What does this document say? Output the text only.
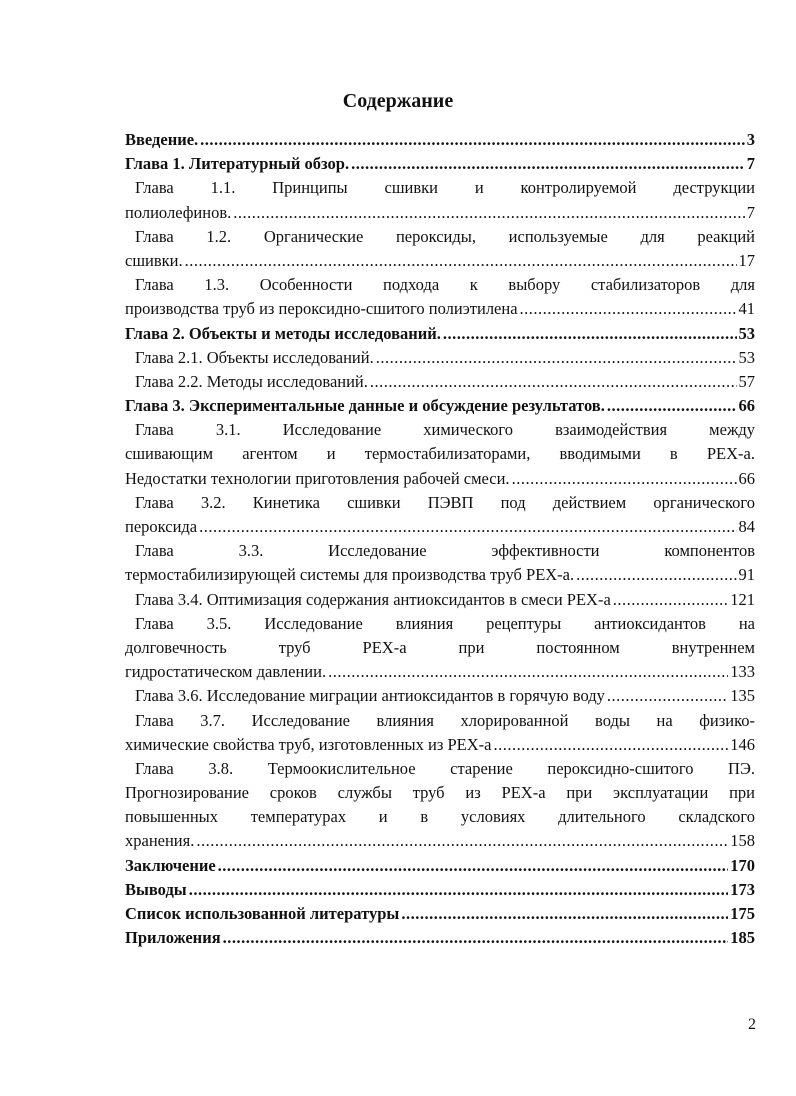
Содержание
Введение. .....	3
Глава 1. Литературный обзор. .....	7
Глава 1.1. Принципы сшивки и контролируемой деструкции
полиолефинов. .....	7
Глава 1.2. Органические пероксиды, используемые для реакций
сшивки. .....	17
Глава 1.3. Особенности подхода к выбору стабилизаторов для
производства труб из пероксидно-сшитого полиэтилена .....	41
Глава 2. Объекты и методы исследований. .....	53
Глава 2.1. Объекты исследований. .....	53
Глава 2.2. Методы исследований. .....	57
Глава 3. Экспериментальные данные и обсуждение результатов. .....	66
Глава 3.1. Исследование химического взаимодействия между
сшивающим агентом и термостабилизаторами, вводимыми в РЕХ-а.
Недостатки технологии приготовления рабочей смеси. .....	66
Глава 3.2. Кинетика сшивки ПЭВП под действием органического
пероксида .....	84
Глава 3.3. Исследование эффективности компонентов
термостабилизирующей системы для производства труб РЕХ-а. .....	91
Глава 3.4. Оптимизация содержания антиоксидантов в смеси РЕХ-а .....	121
Глава 3.5. Исследование влияния рецептуры антиоксидантов на
долговечность труб РЕХ-а при постоянном внутреннем
гидростатическом давлении. .....	133
Глава 3.6. Исследование миграции антиоксидантов в горячую воду .....	135
Глава 3.7. Исследование влияния хлорированной воды на физико-
химические свойства труб, изготовленных из РЕХ-а .....	146
Глава 3.8. Термоокислительное старение пероксидно-сшитого ПЭ.
Прогнозирование сроков службы труб из РЕХ-а при эксплуатации при
повышенных температурах и в условиях длительного складского
хранения. .....	158
Заключение .....	170
Выводы .....	173
Список использованной литературы .....	175
Приложения .....	185
2
